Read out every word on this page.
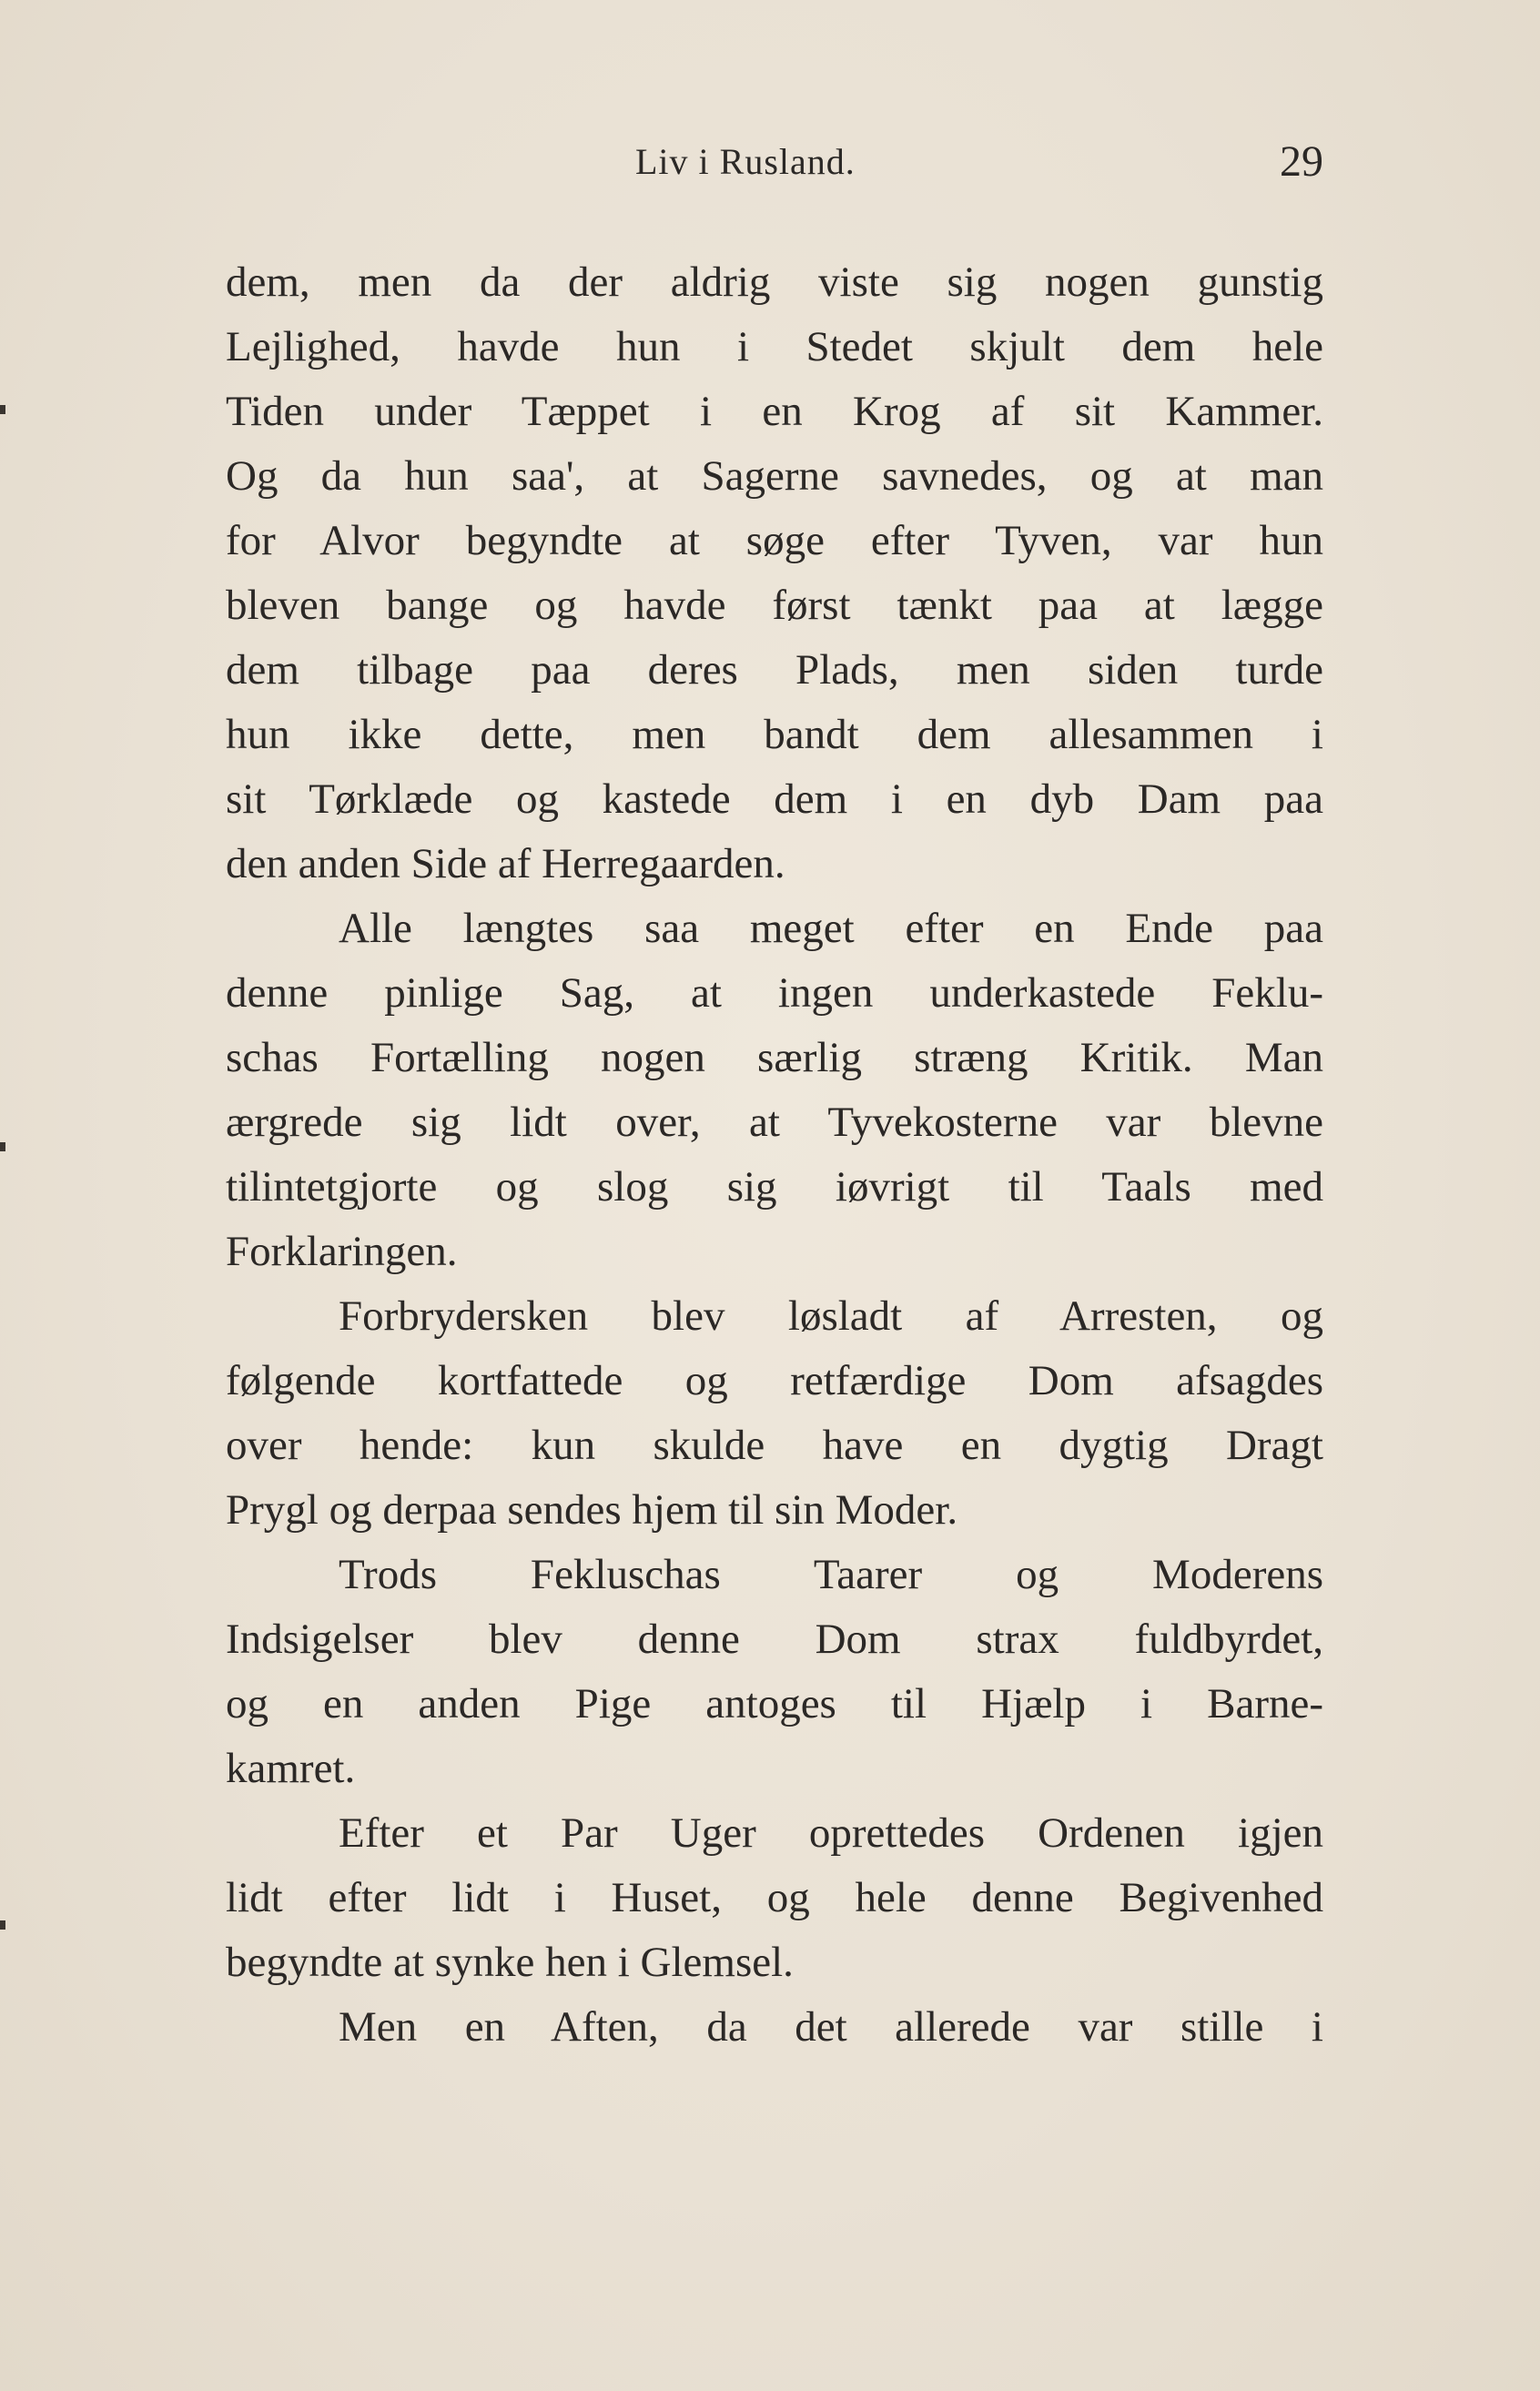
Liv i Rusland.	29
dem, men da der aldrig viste sig nogen gunstig
Lejlighed, havde hun i Stedet skjult dem hele
Tiden under Tæppet i en Krog af sit Kammer.
Og da hun saa', at Sagerne savnedes, og at man
for Alvor begyndte at søge efter Tyven, var hun
bleven bange og havde først tænkt paa at lægge
dem tilbage paa deres Plads, men siden turde
hun ikke dette, men bandt dem allesammen i
sit Tørklæde og kastede dem i en dyb Dam paa
den anden Side af Herregaarden.
Alle længtes saa meget efter en Ende paa
denne pinlige Sag, at ingen underkastede Feklu-
schas Fortælling nogen særlig stræng Kritik. Man
ærgrede sig lidt over, at Tyvekosterne var blevne
tilintetgjorte og slog sig iøvrigt til Taals med
Forklaringen.
Forbrydersken blev løsladt af Arresten, og
følgende kortfattede og retfærdige Dom afsagdes
over hende: kun skulde have en dygtig Dragt
Prygl og derpaa sendes hjem til sin Moder.
Trods Fekluschas Taarer og Moderens
Indsigelser blev denne Dom strax fuldbyrdet,
og en anden Pige antoges til Hjælp i Barne-
kamret.
Efter et Par Uger oprettedes Ordenen igjen
lidt efter lidt i Huset, og hele denne Begivenhed
begyndte at synke hen i Glemsel.
Men en Aften, da det allerede var stille i
